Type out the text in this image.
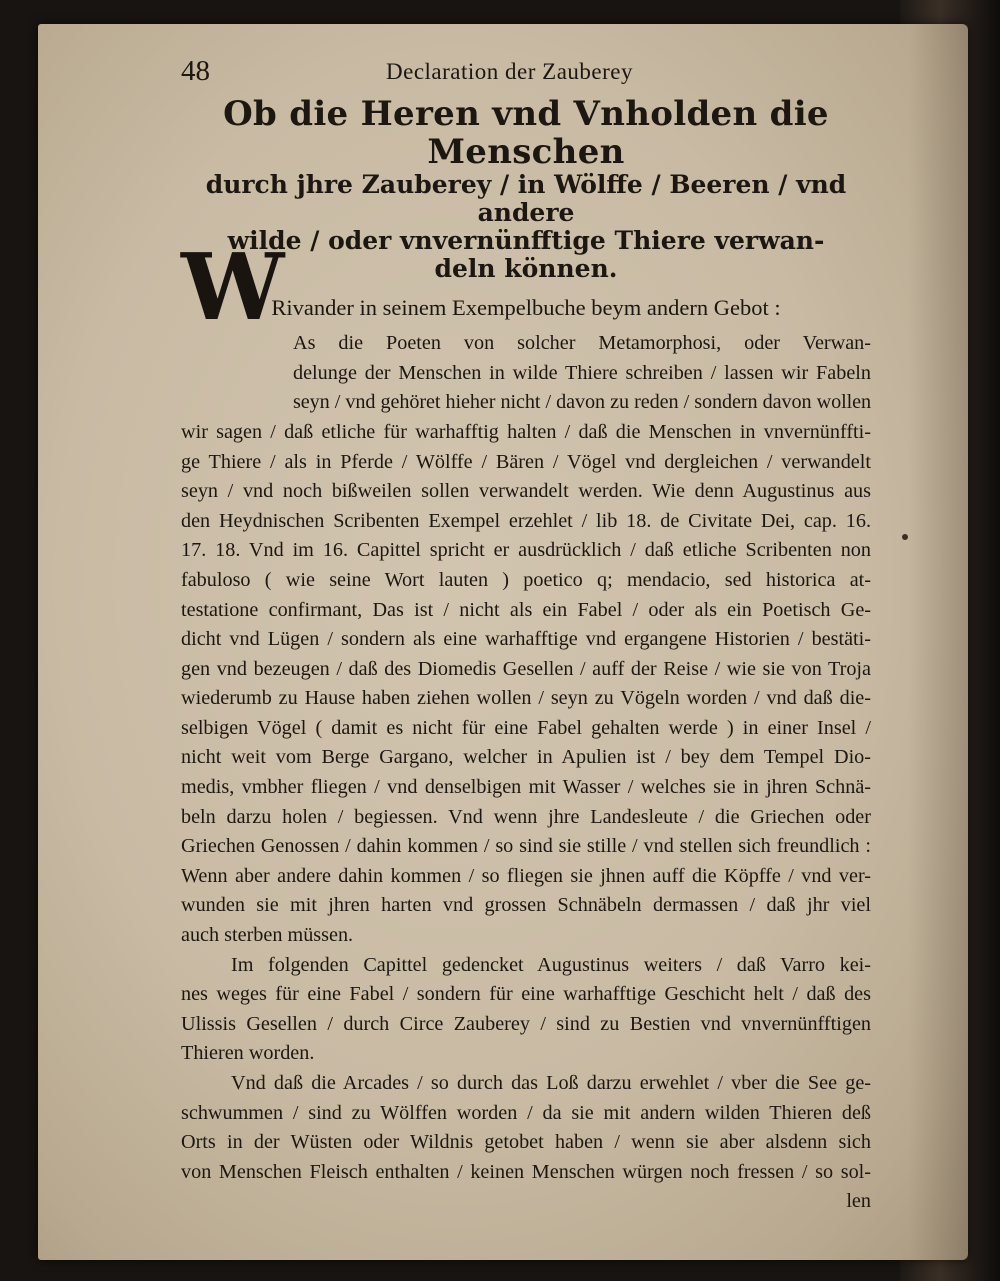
48	Declaration der Zauberey
Ob die Heren vnd Vnholden die Menschen
durch jhre Zauberey / in Wölffe / Beeren / vnd andere
wilde / oder vnvernünfftige Thiere verwan-
deln können.
Rivander in seinem Exempelbuche beym andern Gebot :
W
As die Poeten von solcher Metamorphosi, oder Verwan-
delunge der Menschen in wilde Thiere schreiben / lassen wir Fabeln
seyn / vnd gehöret hieher nicht / davon zu reden / sondern davon wollen
wir sagen / daß etliche für warhafftig halten / daß die Menschen in vnvernünffti-
ge Thiere / als in Pferde / Wölffe / Bären / Vögel vnd dergleichen / verwandelt
seyn / vnd noch bißweilen sollen verwandelt werden. Wie denn Augustinus aus
den Heydnischen Scribenten Exempel erzehlet / lib 18. de Civitate Dei, cap. 16.
17. 18. Vnd im 16. Capittel spricht er ausdrücklich / daß etliche Scribenten non
fabuloso ( wie seine Wort lauten ) poetico q; mendacio, sed historica at-
testatione confirmant, Das ist / nicht als ein Fabel / oder als ein Poetisch Ge-
dicht vnd Lügen / sondern als eine warhafftige vnd ergangene Historien / bestäti-
gen vnd bezeugen / daß des Diomedis Gesellen / auff der Reise / wie sie von Troja
wiederumb zu Hause haben ziehen wollen / seyn zu Vögeln worden / vnd daß die-
selbigen Vögel ( damit es nicht für eine Fabel gehalten werde ) in einer Insel /
nicht weit vom Berge Gargano, welcher in Apulien ist / bey dem Tempel Dio-
medis, vmbher fliegen / vnd denselbigen mit Wasser / welches sie in jhren Schnä-
beln darzu holen / begiessen. Vnd wenn jhre Landesleute / die Griechen oder
Griechen Genossen / dahin kommen / so sind sie stille / vnd stellen sich freundlich :
Wenn aber andere dahin kommen / so fliegen sie jhnen auff die Köpffe / vnd ver-
wunden sie mit jhren harten vnd grossen Schnäbeln dermassen / daß jhr viel
auch sterben müssen.
Im folgenden Capittel gedencket Augustinus weiters / daß Varro kei-
nes weges für eine Fabel / sondern für eine warhafftige Geschicht helt / daß des
Ulissis Gesellen / durch Circe Zauberey / sind zu Bestien vnd vnvernünfftigen
Thieren worden.
Vnd daß die Arcades / so durch das Loß darzu erwehlet / vber die See ge-
schwummen / sind zu Wölffen worden / da sie mit andern wilden Thieren deß
Orts in der Wüsten oder Wildnis getobet haben / wenn sie aber alsdenn sich
von Menschen Fleisch enthalten / keinen Menschen würgen noch fressen / so sol-
len
